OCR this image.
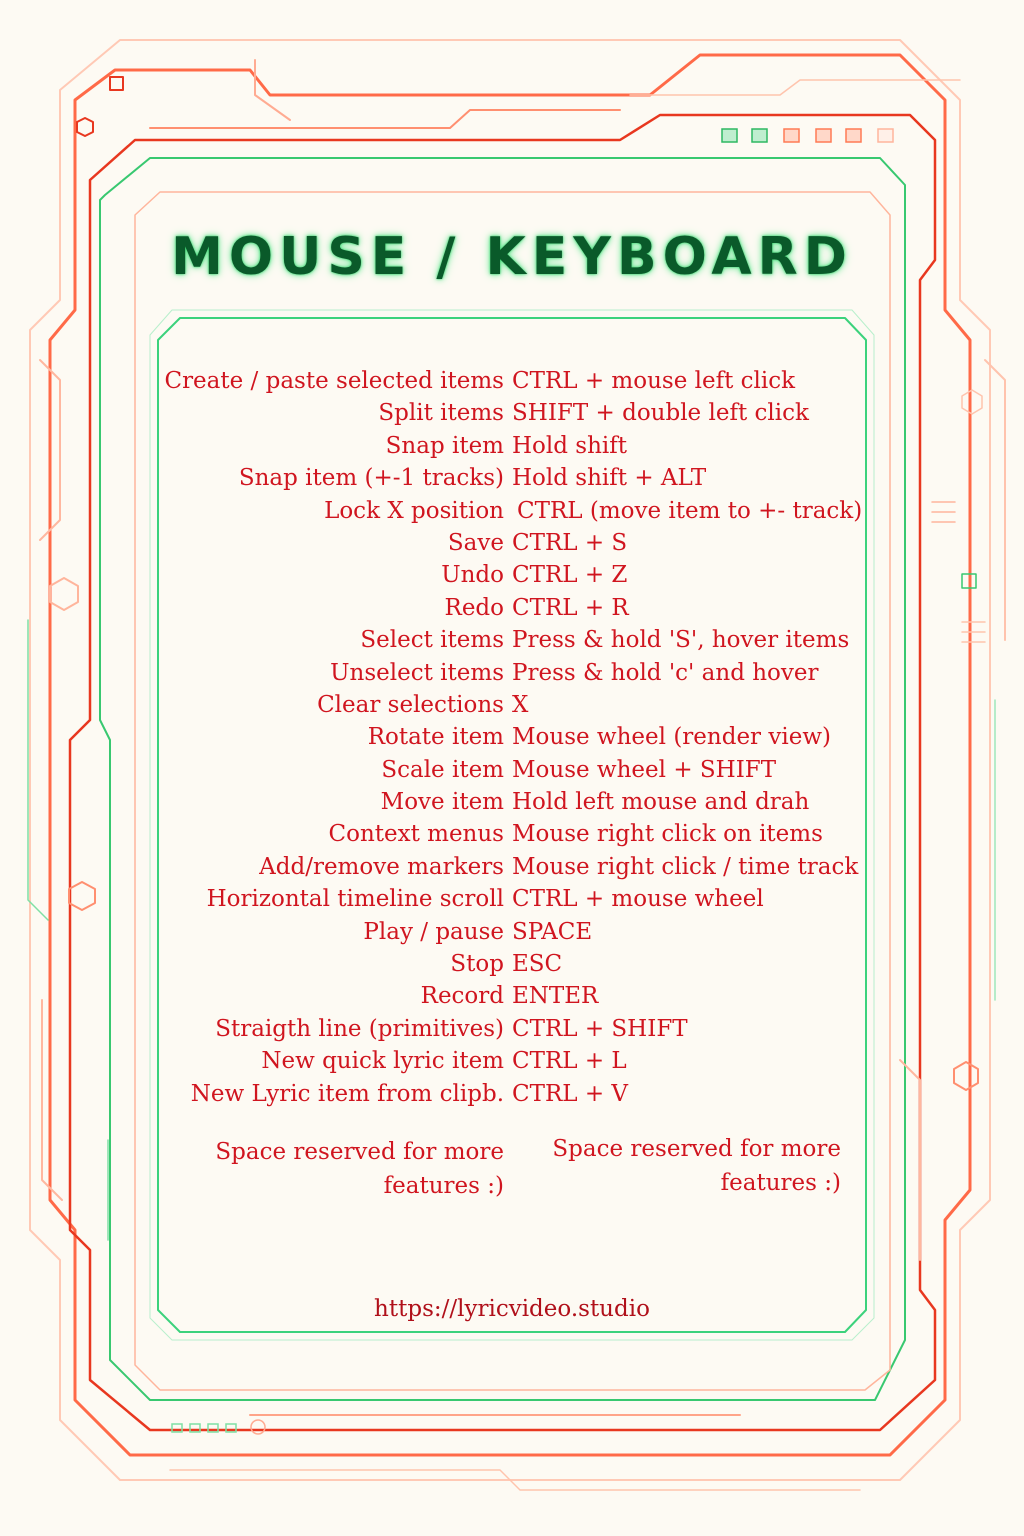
MOUSE / KEYBOARD
Create / paste selected items CTRL + mouse left click
Split items SHIFT + double left click
Snap item Hold shift
Snap item (+-1 tracks) Hold shift + ALT
Lock X position CTRL (move item to +- track)
Save CTRL + S
Undo CTRL + Z
Redo CTRL + R
Select items Press & hold 'S', hover items
Unselect items Press & hold 'c' and hover
Clear selections X
Rotate item Mouse wheel (render view)
Scale item Mouse wheel + SHIFT
Move item Hold left mouse and drah
Context menus Mouse right click on items
Add/remove markers Mouse right click / time track
Horizontal timeline scroll CTRL + mouse wheel
Play / pause SPACE
Stop ESC
Record ENTER
Straigth line (primitives) CTRL + SHIFT
New quick lyric item CTRL + L
New Lyric item from clipb. CTRL + V
Space reserved for more
features :)
Space reserved for more
features :)
https://lyricvideo.studio
